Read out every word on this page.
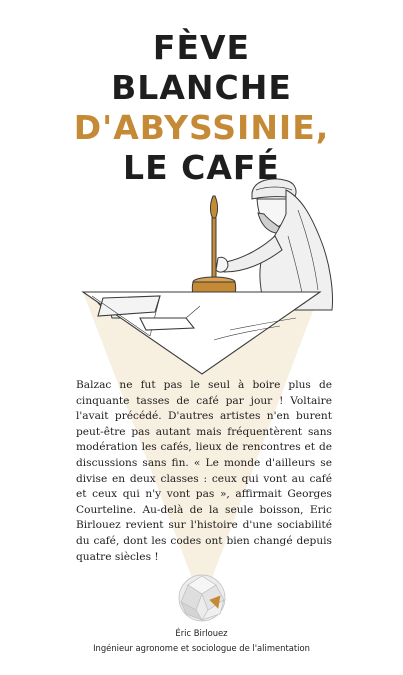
FÈVE
BLANCHE
D'ABYSSINIE,
LE CAFÉ

Balzac ne fut pas le seul à boire plus de cinquante tasses de café par jour ! Voltaire l'avait précédé. D'autres artistes n'en burent peut-être pas autant mais fréquentèrent sans modération les cafés, lieux de rencontres et de discussions sans fin. « Le monde d'ailleurs se divise en deux classes : ceux qui vont au café et ceux qui n'y vont pas », affirmait Georges Courteline. Au-delà de la seule boisson, Eric Birlouez revient sur l'histoire d'une sociabilité du café, dont les codes ont bien changé depuis quatre siècles !

Éric Birlouez
Ingénieur agronome et sociologue de l'alimentation
